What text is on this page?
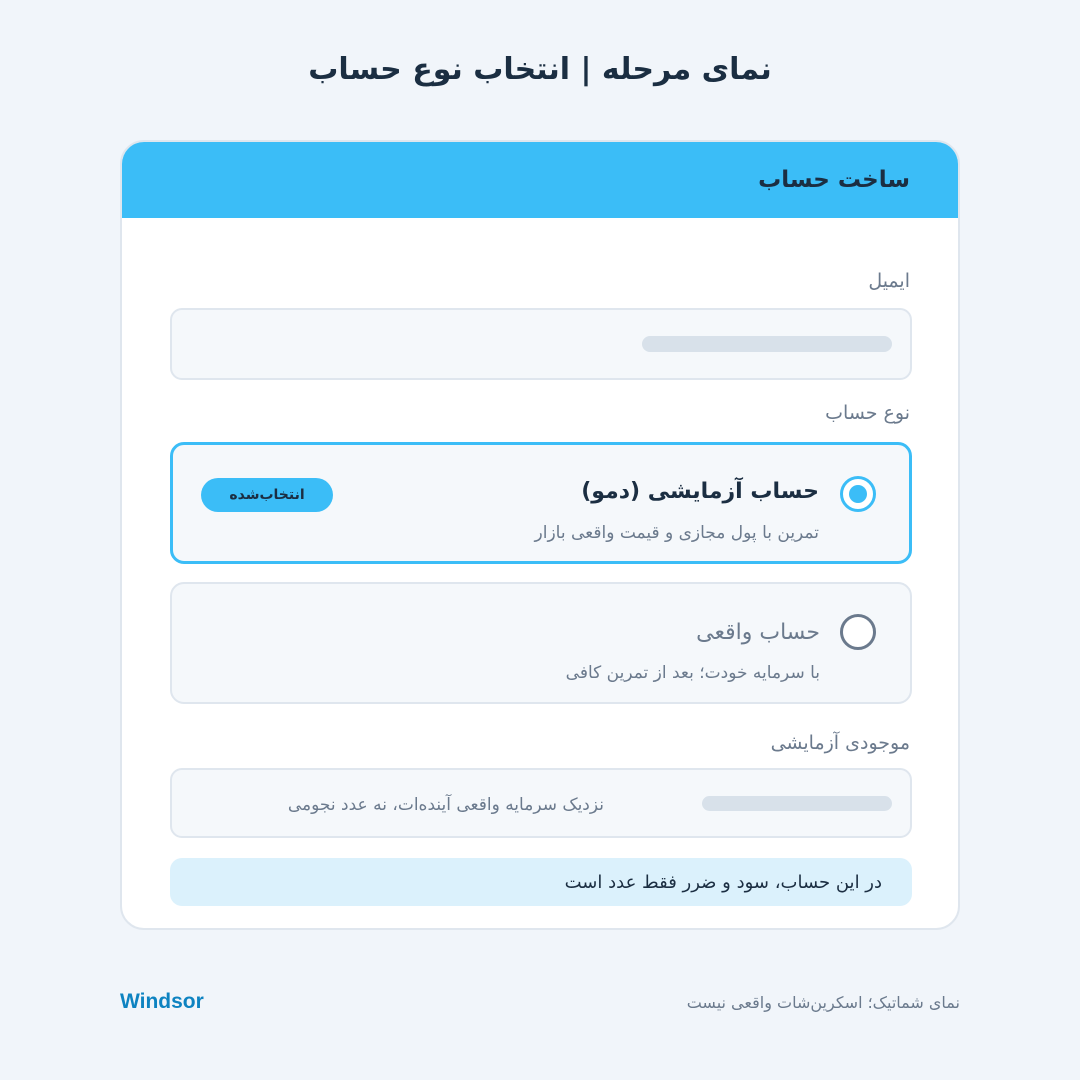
نمای مرحله | انتخاب نوع حساب
ساخت حساب
ایمیل
نوع حساب
حساب آزمایشی (دمو)
تمرین با پول مجازی و قیمت واقعی بازار
انتخاب‌شده
حساب واقعی
با سرمایه خودت؛ بعد از تمرین کافی
موجودی آزمایشی
نزدیک سرمایه واقعی آینده‌ات، نه عدد نجومی
در این حساب، سود و ضرر فقط عدد است
Windsor	نمای شماتیک؛ اسکرین‌شات واقعی نیست
